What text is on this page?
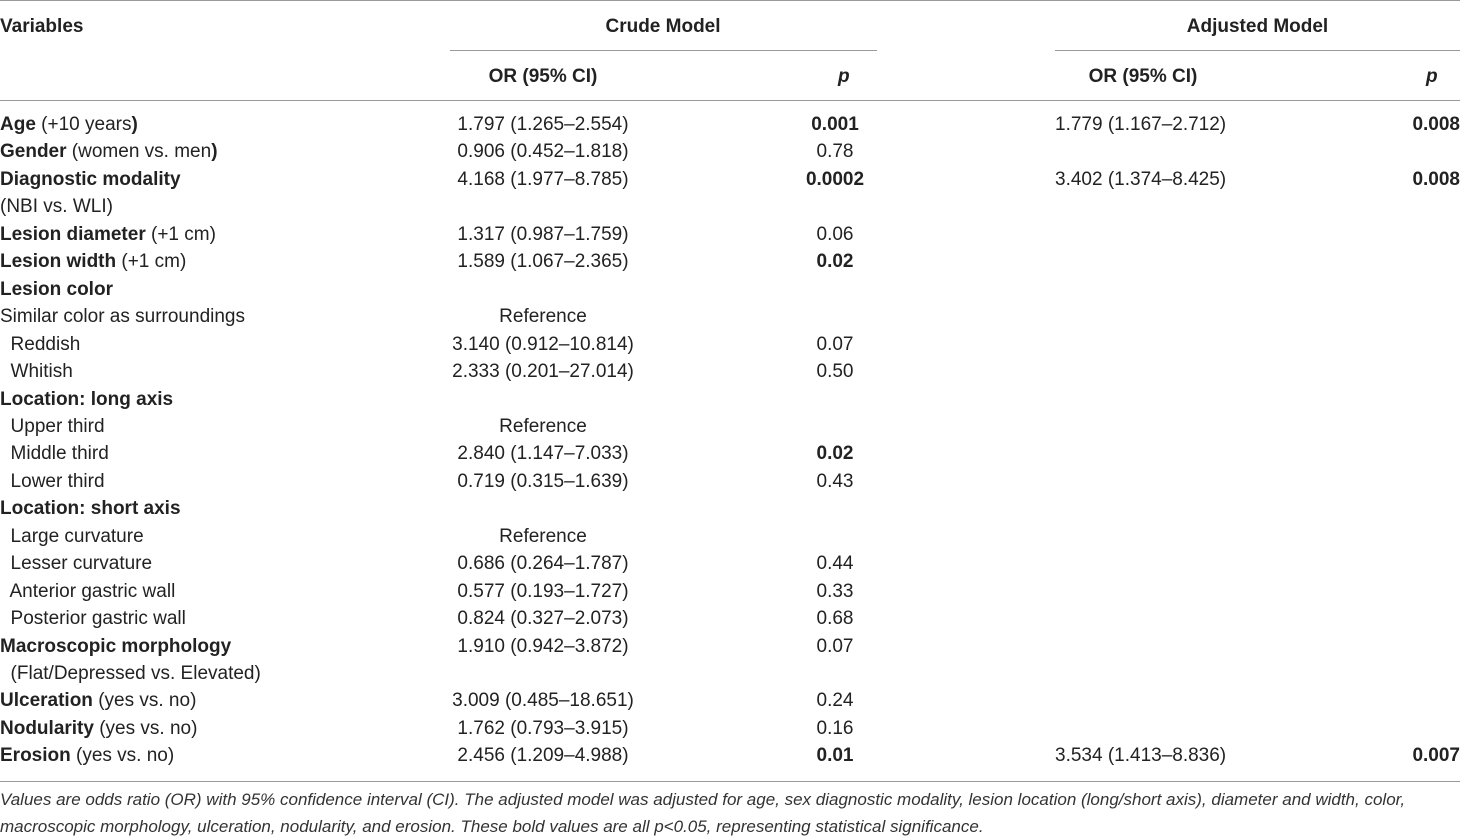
Variables	Crude Model	Adjusted Model
OR (95% CI)	p	OR (95% CI)	p
Age (+10 years)	1.797 (1.265–2.554)	0.001	1.779 (1.167–2.712)	0.008
Gender (women vs. men)	0.906 (0.452–1.818)	0.78
Diagnostic modality	4.168 (1.977–8.785)	0.0002	3.402 (1.374–8.425)	0.008
(NBI vs. WLI)
Lesion diameter (+1 cm)	1.317 (0.987–1.759)	0.06
Lesion width (+1 cm)	1.589 (1.067–2.365)	0.02
Lesion color
Similar color as surroundings	Reference
Reddish	3.140 (0.912–10.814)	0.07
Whitish	2.333 (0.201–27.014)	0.50
Location: long axis
Upper third	Reference
Middle third	2.840 (1.147–7.033)	0.02
Lower third	0.719 (0.315–1.639)	0.43
Location: short axis
Large curvature	Reference
Lesser curvature	0.686 (0.264–1.787)	0.44
Anterior gastric wall	0.577 (0.193–1.727)	0.33
Posterior gastric wall	0.824 (0.327–2.073)	0.68
Macroscopic morphology	1.910 (0.942–3.872)	0.07
(Flat/Depressed vs. Elevated)
Ulceration (yes vs. no)	3.009 (0.485–18.651)	0.24
Nodularity (yes vs. no)	1.762 (0.793–3.915)	0.16
Erosion (yes vs. no)	2.456 (1.209–4.988)	0.01	3.534 (1.413–8.836)	0.007
Values are odds ratio (OR) with 95% confidence interval (CI). The adjusted model was adjusted for age, sex diagnostic modality, lesion location (long/short axis), diameter and width, color, macroscopic morphology, ulceration, nodularity, and erosion. These bold values are all p<0.05, representing statistical significance.
